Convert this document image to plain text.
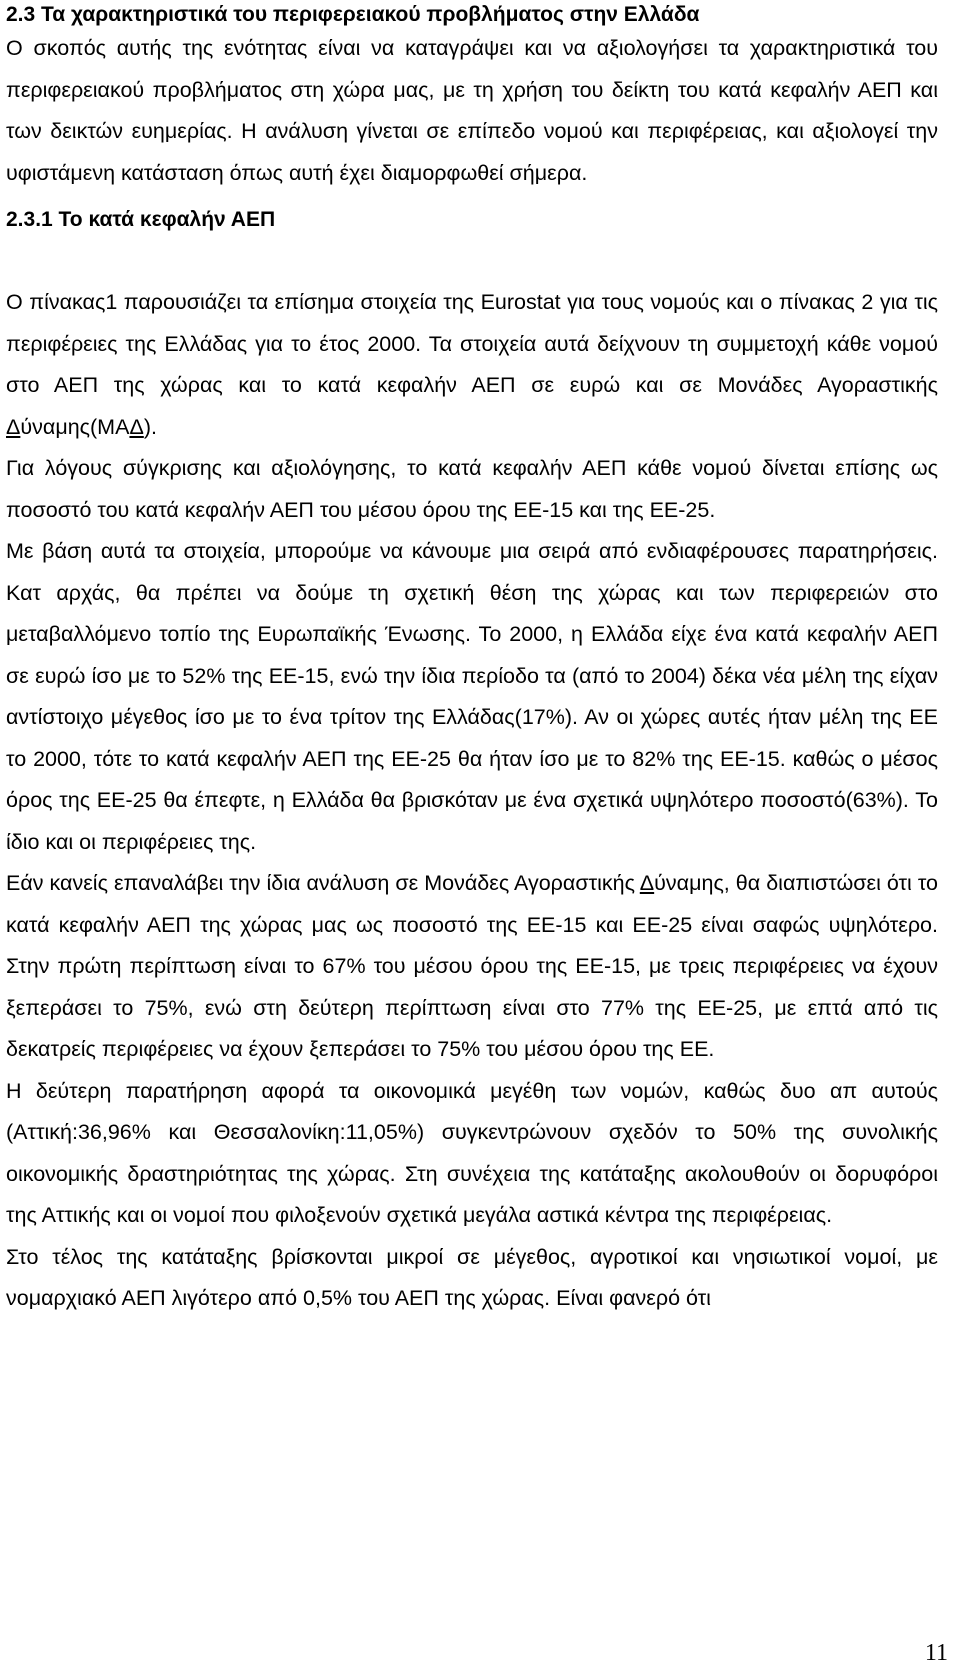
2.3 Τα χαρακτηριστικά του περιφερειακού προβλήματος στην Ελλάδα

Ο σκοπός αυτής της ενότητας είναι να καταγράψει και να αξιολογήσει τα χαρακτηριστικά του περιφερειακού προβλήματος στη χώρα μας, με τη χρήση του δείκτη του κατά κεφαλήν ΑΕΠ και των δεικτών ευημερίας. Η ανάλυση γίνεται σε επίπεδο νομού και περιφέρειας, και αξιολογεί την υφιστάμενη κατάσταση όπως αυτή έχει διαμορφωθεί σήμερα.

2.3.1 Το κατά κεφαλήν ΑΕΠ

Ο πίνακας1 παρουσιάζει τα επίσημα στοιχεία της Eurostat για τους νομούς και ο πίνακας 2 για τις περιφέρειες της Ελλάδας για το έτος 2000. Τα στοιχεία αυτά δείχνουν τη συμμετοχή κάθε νομού στο ΑΕΠ της χώρας και το κατά κεφαλήν ΑΕΠ σε ευρώ και σε Μονάδες Αγοραστικής Δύναμης(ΜΑΔ).

Για λόγους σύγκρισης και αξιολόγησης, το κατά κεφαλήν ΑΕΠ κάθε νομού δίνεται επίσης ως ποσοστό του κατά κεφαλήν ΑΕΠ του μέσου όρου της ΕΕ-15 και της ΕΕ-25.

Με βάση αυτά τα στοιχεία, μπορούμε να κάνουμε μια σειρά από ενδιαφέρουσες παρατηρήσεις. Κατ αρχάς, θα πρέπει να δούμε τη σχετική θέση της χώρας και των περιφερειών στο μεταβαλλόμενο τοπίο της Ευρωπαϊκής Ένωσης. Το 2000, η Ελλάδα είχε ένα κατά κεφαλήν ΑΕΠ σε ευρώ ίσο με το 52% της ΕΕ-15, ενώ την ίδια περίοδο τα (από το 2004) δέκα νέα μέλη της είχαν αντίστοιχο μέγεθος ίσο με το ένα τρίτον της Ελλάδας(17%). Αν οι χώρες αυτές ήταν μέλη της ΕΕ το 2000, τότε το κατά κεφαλήν ΑΕΠ της ΕΕ-25 θα ήταν ίσο με το 82% της ΕΕ-15. καθώς ο μέσος όρος της ΕΕ-25 θα έπεφτε, η Ελλάδα θα βρισκόταν με ένα σχετικά υψηλότερο ποσοστό(63%). Το ίδιο και οι περιφέρειες της.

Εάν κανείς επαναλάβει την ίδια ανάλυση σε Μονάδες Αγοραστικής Δύναμης, θα διαπιστώσει ότι το κατά κεφαλήν ΑΕΠ της χώρας μας ως ποσοστό της ΕΕ-15 και ΕΕ-25 είναι σαφώς υψηλότερο. Στην πρώτη περίπτωση είναι το 67% του μέσου όρου της ΕΕ-15, με τρεις περιφέρειες να έχουν ξεπεράσει το 75%, ενώ στη δεύτερη περίπτωση είναι στο 77% της ΕΕ-25, με επτά από τις δεκατρείς περιφέρειες να έχουν ξεπεράσει το 75% του μέσου όρου της ΕΕ.

Η δεύτερη παρατήρηση αφορά τα οικονομικά μεγέθη των νομών, καθώς δυο απ αυτούς (Αττική:36,96% και Θεσσαλονίκη:11,05%) συγκεντρώνουν σχεδόν το 50% της συνολικής οικονομικής δραστηριότητας της χώρας. Στη συνέχεια της κατάταξης ακολουθούν οι δορυφόροι της Αττικής και οι νομοί που φιλοξενούν σχετικά μεγάλα αστικά κέντρα της περιφέρειας.

Στο τέλος της κατάταξης βρίσκονται μικροί σε μέγεθος, αγροτικοί και νησιωτικοί νομοί, με νομαρχιακό ΑΕΠ λιγότερο από 0,5% του ΑΕΠ της χώρας. Είναι φανερό ότι

11
